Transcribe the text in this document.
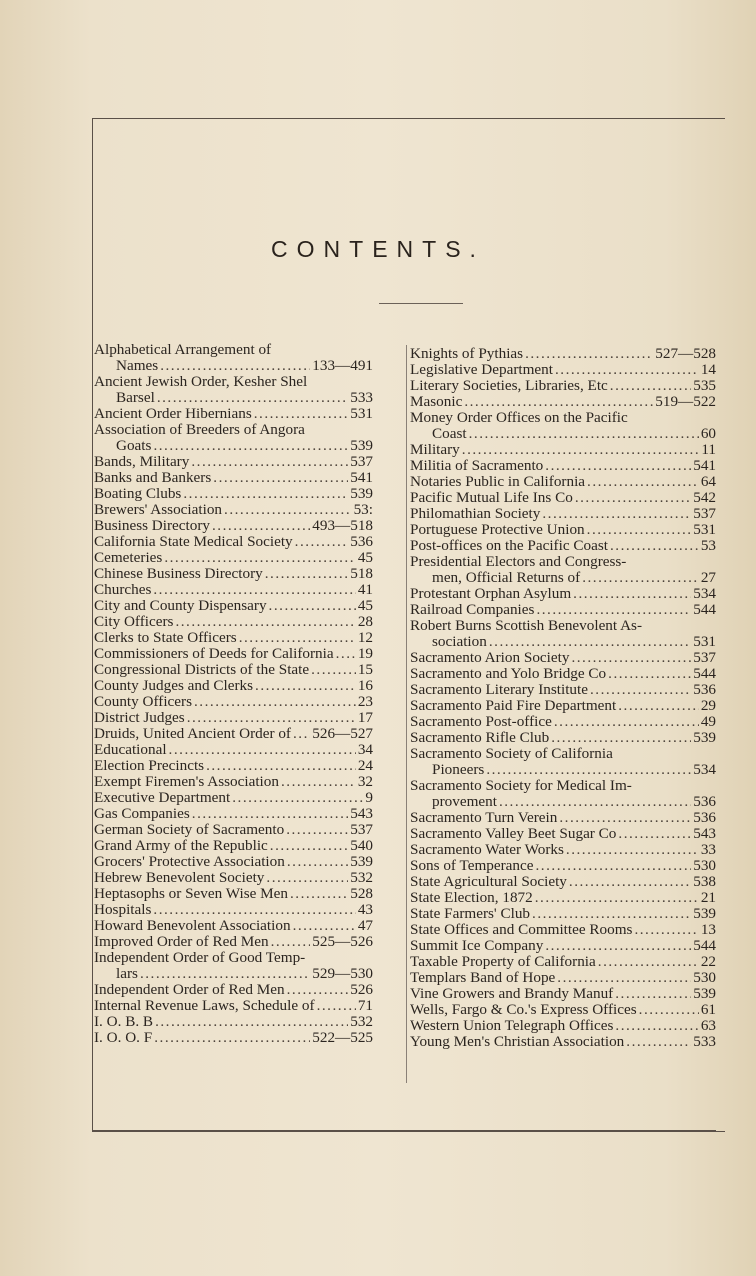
CONTENTS.
Alphabetical Arrangement of
Names .....	133—491
Ancient Jewish Order, Kesher Shel
Barsel .....	533
Ancient Order Hibernians .....	531
Association of Breeders of Angora
Goats .....	539
Bands, Military .....	537
Banks and Bankers .....	541
Boating Clubs .....	539
Brewers' Association .....	53:
Business Directory .....	493—518
California State Medical Society .....	536
Cemeteries .....	45
Chinese Business Directory .....	518
Churches .....	41
City and County Dispensary .....	45
City Officers .....	28
Clerks to State Officers .....	12
Commissioners of Deeds for California ..... 19
Congressional Districts of the State .....	15
County Judges and Clerks .....	16
County Officers .....	23
District Judges .....	17
Druids, United Ancient Order of ..... 526—527
Educational .....	34
Election Precincts .....	24
Exempt Firemen's Association .....	32
Executive Department .....	9
Gas Companies .....	543
German Society of Sacramento .....	537
Grand Army of the Republic .....	540
Grocers' Protective Association .....	539
Hebrew Benevolent Society .....	532
Heptasophs or Seven Wise Men .....	528
Hospitals .....	43
Howard Benevolent Association .....	47
Improved Order of Red Men .....	525—526
Independent Order of Good Temp-
lars .....	529—530
Independent Order of Red Men .....	526
Internal Revenue Laws, Schedule of .....	71
I. O. B. B .....	532
I. O. O. F .....	522—525
Knights of Pythias .....	527—528
Legislative Department .....	14
Literary Societies, Libraries, Etc .....	535
Masonic .....	519—522
Money Order Offices on the Pacific
Coast .....	60
Military .....	11
Militia of Sacramento .....	541
Notaries Public in California .....	64
Pacific Mutual Life Ins Co .....	542
Philomathian Society .....	537
Portuguese Protective Union .....	531
Post-offices on the Pacific Coast .....	53
Presidential Electors and Congress-
men, Official Returns of .....	27
Protestant Orphan Asylum .....	534
Railroad Companies .....	544
Robert Burns Scottish Benevolent As-
sociation .....	531
Sacramento Arion Society .....	537
Sacramento and Yolo Bridge Co .....	544
Sacramento Literary Institute .....	536
Sacramento Paid Fire Department .....	29
Sacramento Post-office .....	49
Sacramento Rifle Club .....	539
Sacramento Society of California
Pioneers .....	534
Sacramento Society for Medical Im-
provement .....	536
Sacramento Turn Verein .....	536
Sacramento Valley Beet Sugar Co .....	543
Sacramento Water Works .....	33
Sons of Temperance .....	530
State Agricultural Society .....	538
State Election, 1872 .....	21
State Farmers' Club .....	539
State Offices and Committee Rooms .....	13
Summit Ice Company .....	544
Taxable Property of California .....	22
Templars Band of Hope .....	530
Vine Growers and Brandy Manuf .....	539
Wells, Fargo & Co.'s Express Offices .....	61
Western Union Telegraph Offices .....	63
Young Men's Christian Association .....	533
